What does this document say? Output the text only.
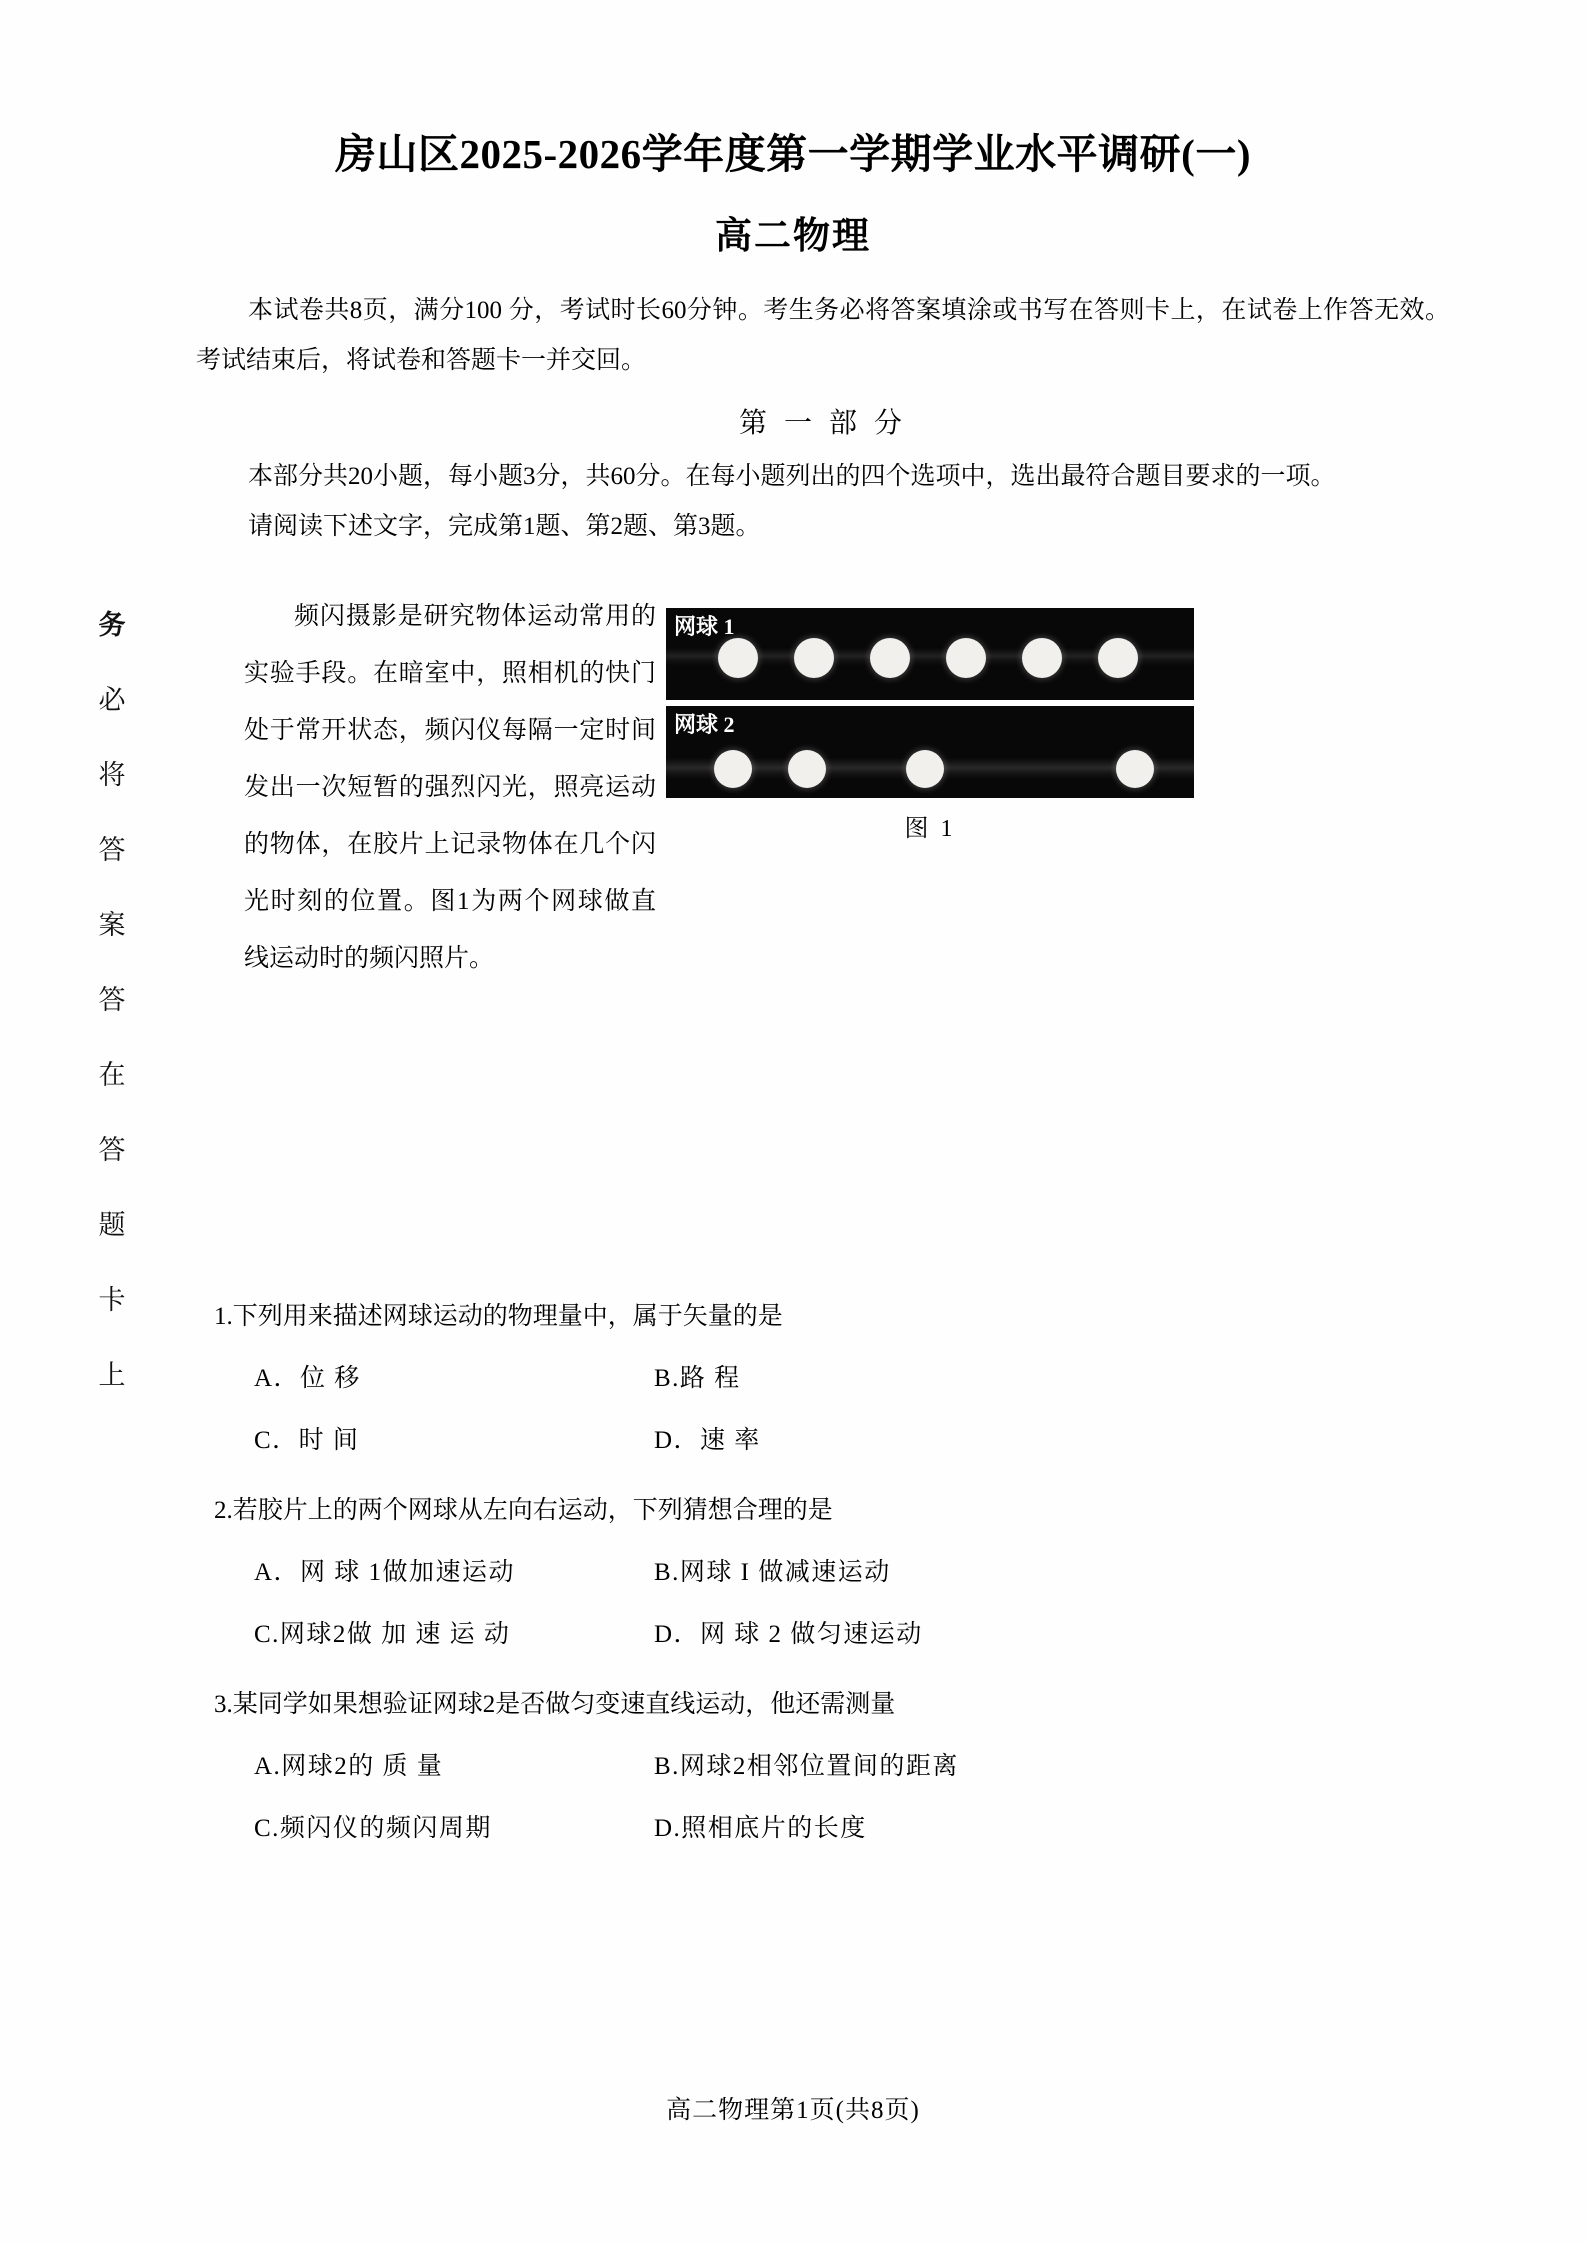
务
必
将
答
案
答
在
答
题
卡
上
房山区2025-2026学年度第一学期学业水平调研(一)
高二物理

本试卷共8页，满分100 分，考试时长60分钟。考生务必将答案填涂或书写在答则卡上，在试卷上作答无效。考试结束后，将试卷和答题卡一并交回。

第 一 部 分

本部分共20小题，每小题3分，共60分。在每小题列出的四个选项中，选出最符合题目要求的一项。

请阅读下述文字，完成第1题、第2题、第3题。

频闪摄影是研究物体运动常用的实验手段。在暗室中，照相机的快门处于常开状态，频闪仪每隔一定时间发出一次短暂的强烈闪光，照亮运动的物体，在胶片上记录物体在几个闪光时刻的位置。图1为两个网球做直线运动时的频闪照片。
网球 1
网球 2
图 1
1.下列用来描述网球运动的物理量中，属于矢量的是
A．位 移	B.路 程
C．时 间	D．速 率
2.若胶片上的两个网球从左向右运动，下列猜想合理的是
A．网 球 1做加速运动	B.网球 I 做减速运动
C.网球2做 加 速 运 动	D．网 球 2 做匀速运动
3.某同学如果想验证网球2是否做匀变速直线运动，他还需测量
A.网球2的 质 量	B.网球2相邻位置间的距离
C.频闪仪的频闪周期	D.照相底片的长度
高二物理第1页(共8页)
